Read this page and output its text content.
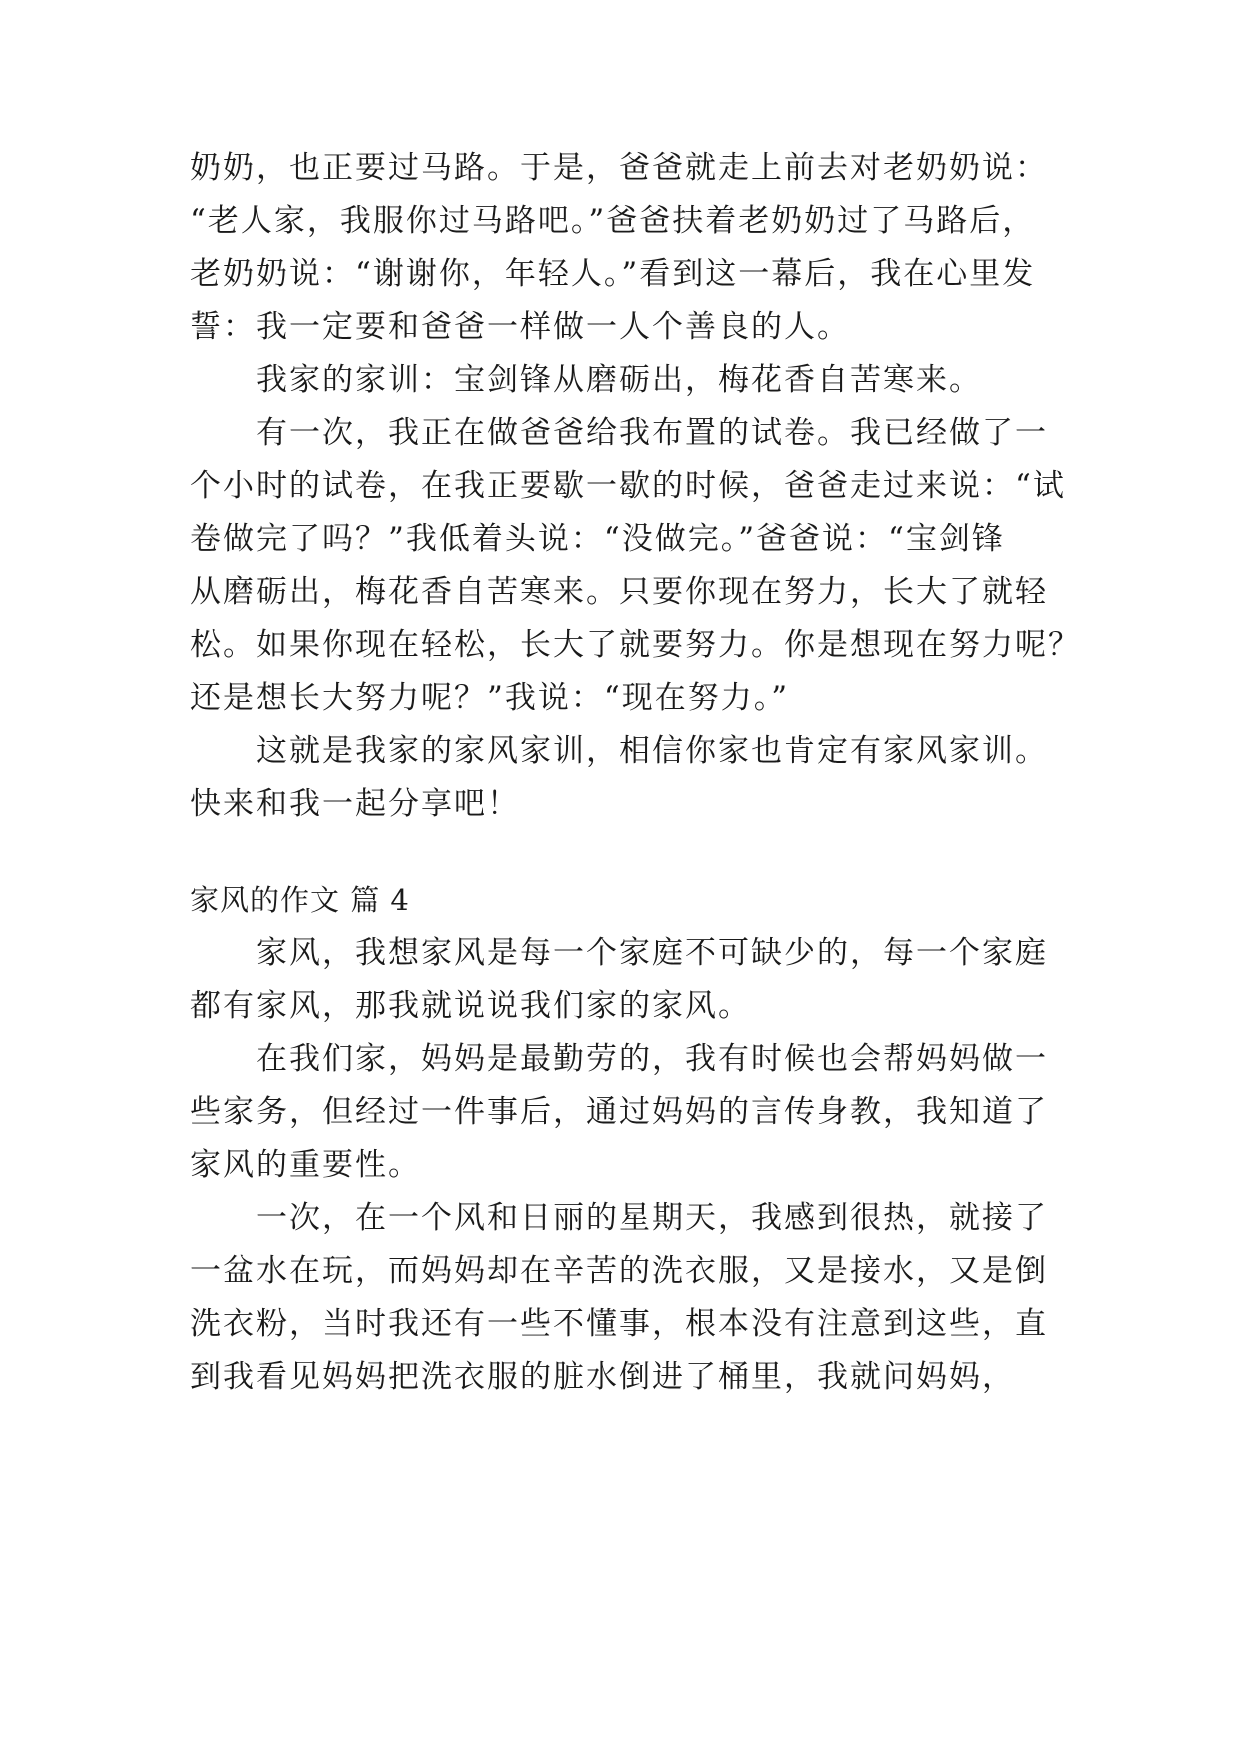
奶奶，也正要过马路。于是，爸爸就走上前去对老奶奶说：
“老人家，我服你过马路吧。”爸爸扶着老奶奶过了马路后，
老奶奶说：“谢谢你，年轻人。”看到这一幕后，我在心里发
誓：我一定要和爸爸一样做一人个善良的人。
我家的家训：宝剑锋从磨砺出，梅花香自苦寒来。
有一次，我正在做爸爸给我布置的试卷。我已经做了一
个小时的试卷，在我正要歇一歇的时候，爸爸走过来说：“试
卷做完了吗？”我低着头说：“没做完。”爸爸说：“宝剑锋
从磨砺出，梅花香自苦寒来。只要你现在努力，长大了就轻
松。如果你现在轻松，长大了就要努力。你是想现在努力呢？
还是想长大努力呢？”我说：“现在努力。”
这就是我家的家风家训，相信你家也肯定有家风家训。
快来和我一起分享吧！
家风的作文 篇 4
家风，我想家风是每一个家庭不可缺少的，每一个家庭
都有家风，那我就说说我们家的家风。
在我们家，妈妈是最勤劳的，我有时候也会帮妈妈做一
些家务，但经过一件事后，通过妈妈的言传身教，我知道了
家风的重要性。
一次，在一个风和日丽的星期天，我感到很热，就接了
一盆水在玩，而妈妈却在辛苦的洗衣服，又是接水，又是倒
洗衣粉，当时我还有一些不懂事，根本没有注意到这些，直
到我看见妈妈把洗衣服的脏水倒进了桶里，我就问妈妈，
